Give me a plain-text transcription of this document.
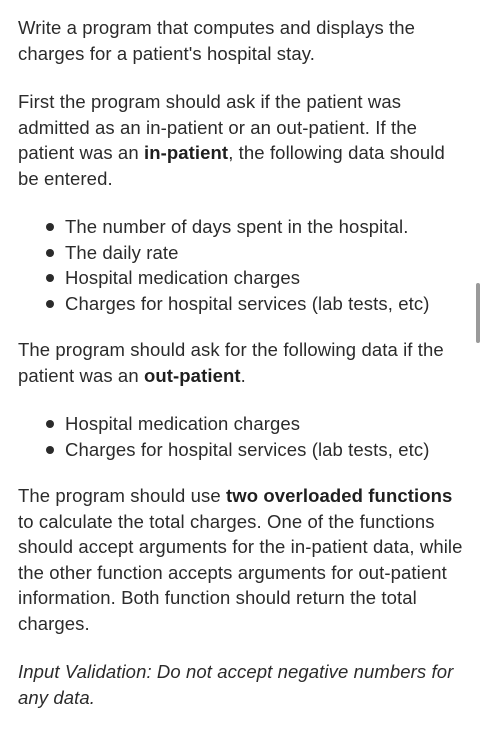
Write a program that computes and displays the charges for a patient's hospital stay.

First the program should ask if the patient was admitted as an in-patient or an out-patient. If the patient was an in-patient, the following data should be entered.

The number of days spent in the hospital.
The daily rate
Hospital medication charges
Charges for hospital services (lab tests, etc)

The program should ask for the following data if the patient was an out-patient.

Hospital medication charges
Charges for hospital services (lab tests, etc)

The program should use two overloaded functions to calculate the total charges. One of the functions should accept arguments for the in-patient data, while the other function accepts arguments for out-patient information. Both function should return the total charges.

Input Validation: Do not accept negative numbers for any data.
